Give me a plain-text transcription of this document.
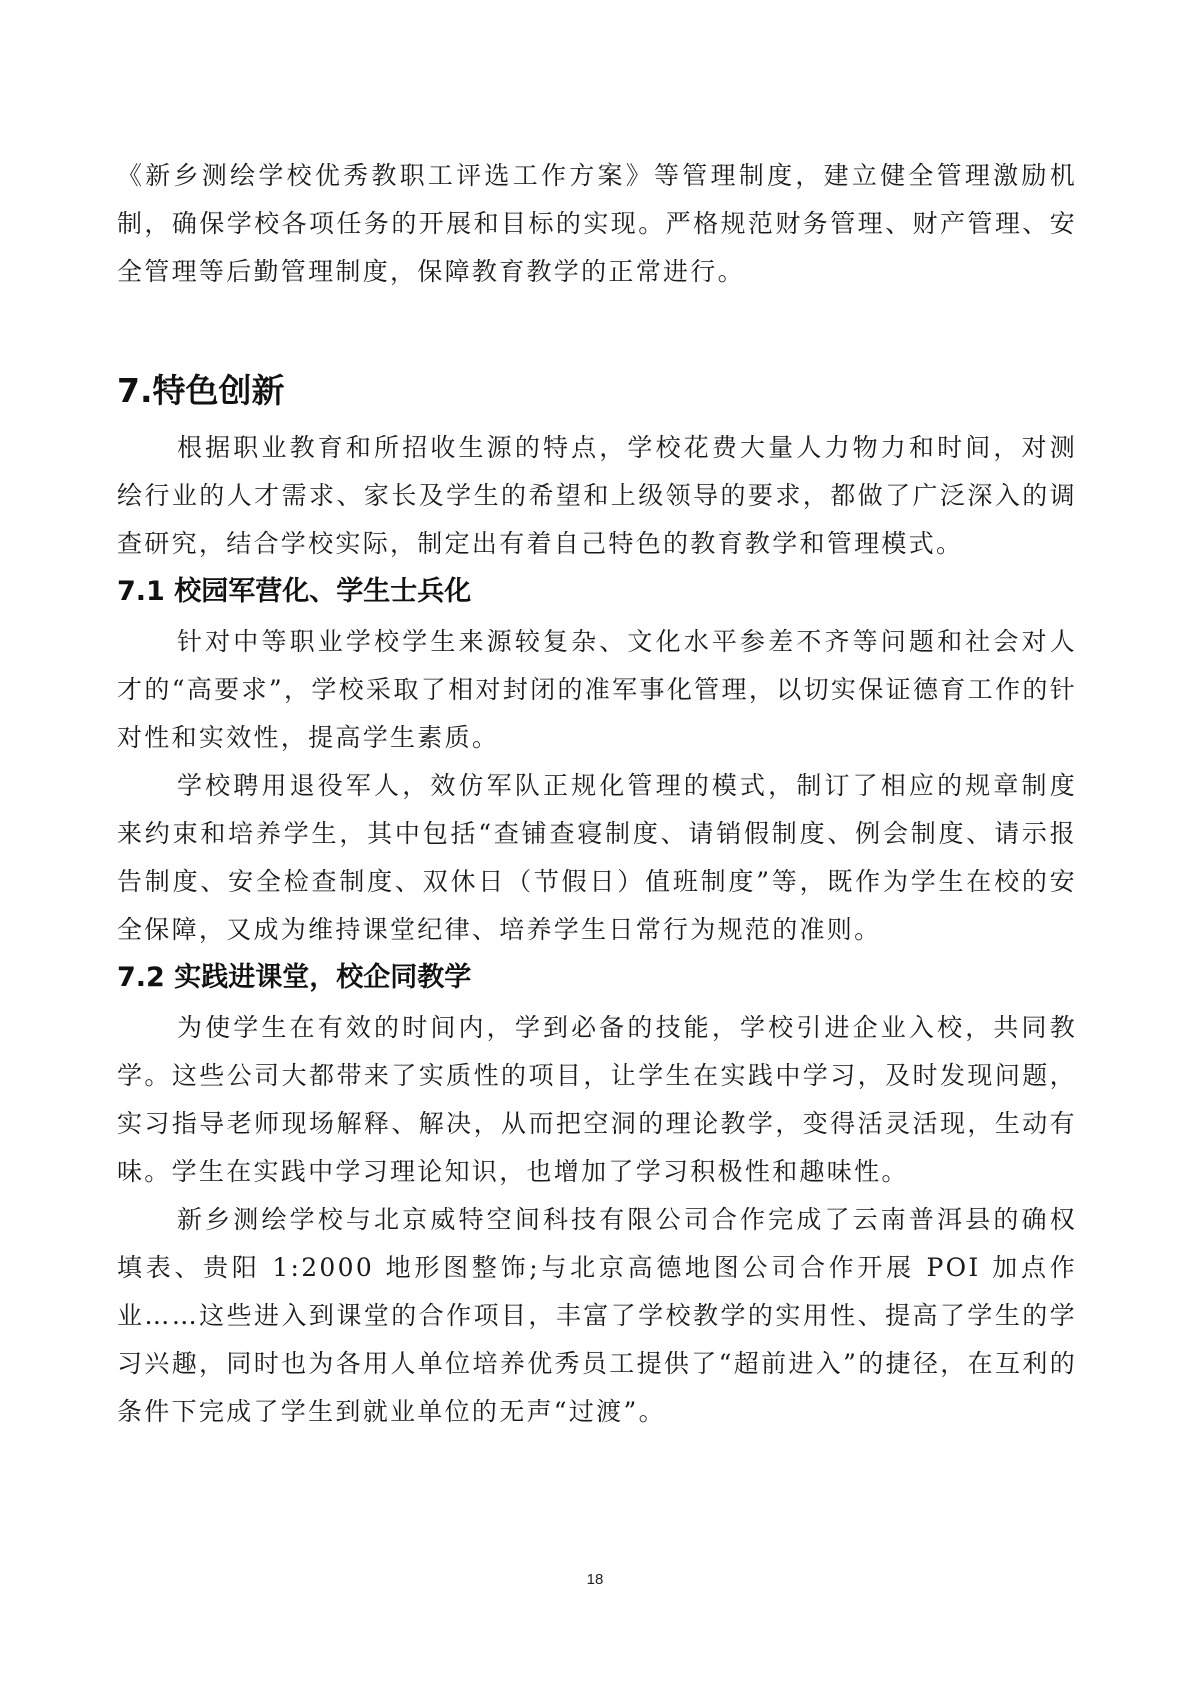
《新乡测绘学校优秀教职工评选工作方案》等管理制度，建立健全管理激励机制，确保学校各项任务的开展和目标的实现。严格规范财务管理、财产管理、安全管理等后勤管理制度，保障教育教学的正常进行。

7.特色创新

根据职业教育和所招收生源的特点，学校花费大量人力物力和时间，对测绘行业的人才需求、家长及学生的希望和上级领导的要求，都做了广泛深入的调查研究，结合学校实际，制定出有着自己特色的教育教学和管理模式。

7.1 校园军营化、学生士兵化

针对中等职业学校学生来源较复杂、文化水平参差不齐等问题和社会对人才的“高要求”，学校采取了相对封闭的准军事化管理，以切实保证德育工作的针对性和实效性，提高学生素质。

学校聘用退役军人，效仿军队正规化管理的模式，制订了相应的规章制度来约束和培养学生，其中包括“查铺查寝制度、请销假制度、例会制度、请示报告制度、安全检查制度、双休日（节假日）值班制度”等，既作为学生在校的安全保障，又成为维持课堂纪律、培养学生日常行为规范的准则。

7.2 实践进课堂，校企同教学

为使学生在有效的时间内，学到必备的技能，学校引进企业入校，共同教学。这些公司大都带来了实质性的项目，让学生在实践中学习，及时发现问题，实习指导老师现场解释、解决，从而把空洞的理论教学，变得活灵活现，生动有味。学生在实践中学习理论知识，也增加了学习积极性和趣味性。

新乡测绘学校与北京威特空间科技有限公司合作完成了云南普洱县的确权填表、贵阳 1:2000 地形图整饰;与北京高德地图公司合作开展 POI 加点作业……这些进入到课堂的合作项目，丰富了学校教学的实用性、提高了学生的学习兴趣，同时也为各用人单位培养优秀员工提供了“超前进入”的捷径，在互利的条件下完成了学生到就业单位的无声“过渡”。

18
